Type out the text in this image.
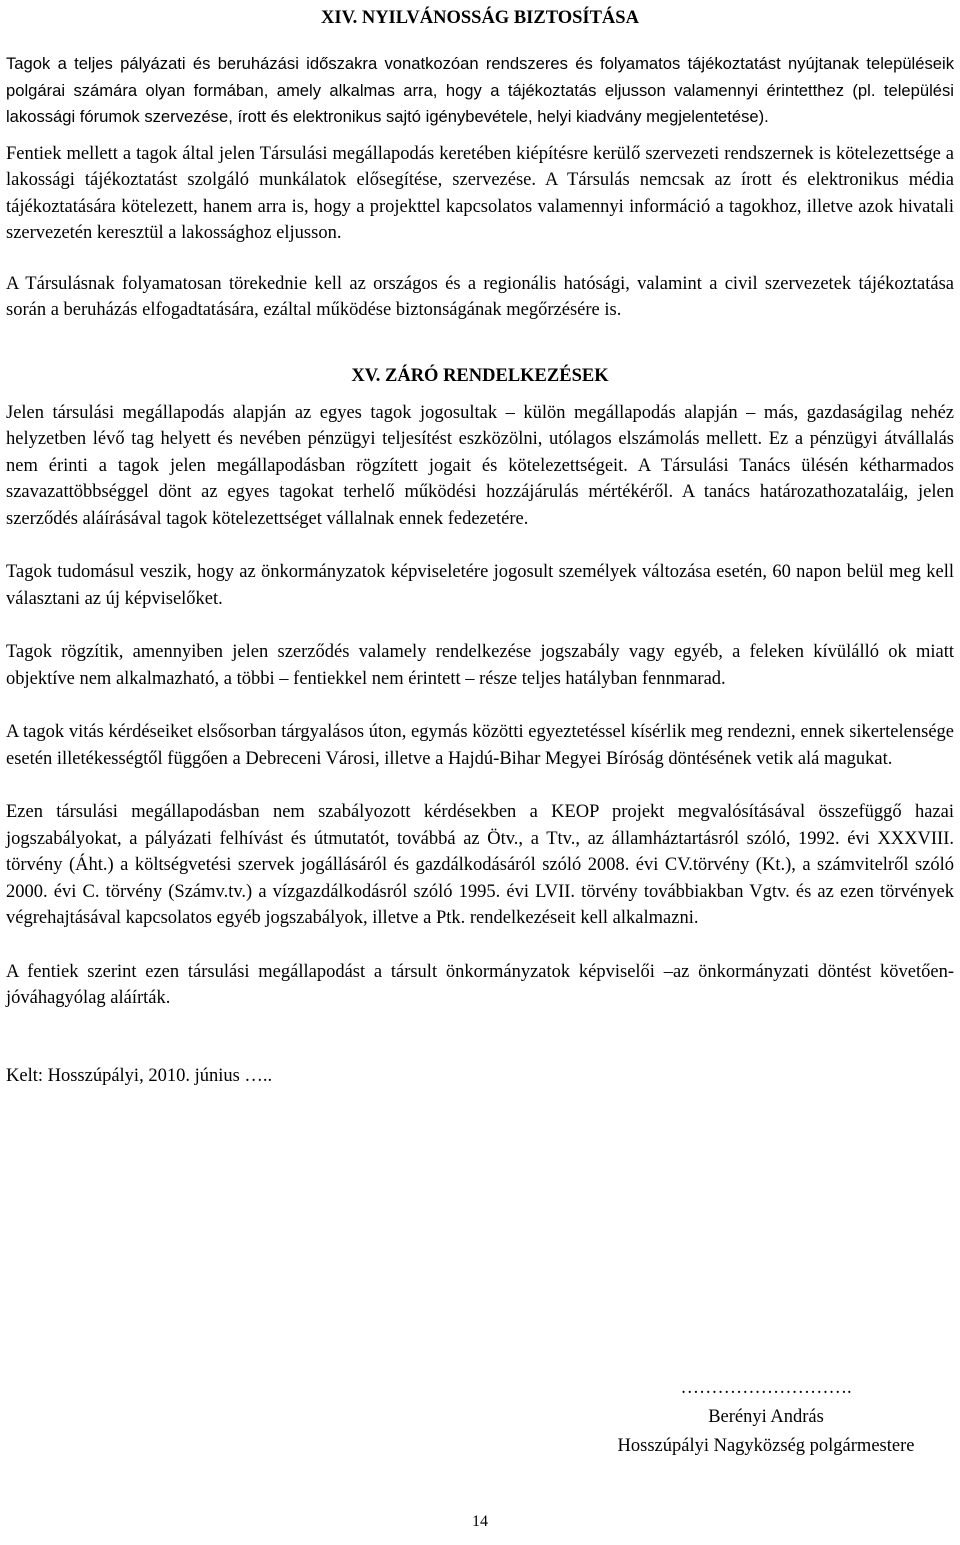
XIV. NYILVÁNOSSÁG BIZTOSÍTÁSA

Tagok a teljes pályázati és beruházási időszakra vonatkozóan rendszeres és folyamatos tájékoztatást nyújtanak településeik polgárai számára olyan formában, amely alkalmas arra, hogy a tájékoztatás eljusson valamennyi érintetthez (pl. települési lakossági fórumok szervezése, írott és elektronikus sajtó igénybevétele, helyi kiadvány megjelentetése).

Fentiek mellett a tagok által jelen Társulási megállapodás keretében kiépítésre kerülő szervezeti rendszernek is kötelezettsége a lakossági tájékoztatást szolgáló munkálatok elősegítése, szervezése. A Társulás nemcsak az írott és elektronikus média tájékoztatására kötelezett, hanem arra is, hogy a projekttel kapcsolatos valamennyi információ a tagokhoz, illetve azok hivatali szervezetén keresztül a lakossághoz eljusson.

A Társulásnak folyamatosan törekednie kell az országos és a regionális hatósági, valamint a civil szervezetek tájékoztatása során a beruházás elfogadtatására, ezáltal működése biztonságának megőrzésére is.

XV. ZÁRÓ RENDELKEZÉSEK

Jelen társulási megállapodás alapján az egyes tagok jogosultak – külön megállapodás alapján – más, gazdaságilag nehéz helyzetben lévő tag helyett és nevében pénzügyi teljesítést eszközölni, utólagos elszámolás mellett. Ez a pénzügyi átvállalás nem érinti a tagok jelen megállapodásban rögzített jogait és kötelezettségeit. A Társulási Tanács ülésén kétharmados szavazattöbbséggel dönt az egyes tagokat terhelő működési hozzájárulás mértékéről. A tanács határozathozataláig, jelen szerződés aláírásával tagok kötelezettséget vállalnak ennek fedezetére.

Tagok tudomásul veszik, hogy az önkormányzatok képviseletére jogosult személyek változása esetén, 60 napon belül meg kell választani az új képviselőket.

Tagok rögzítik, amennyiben jelen szerződés valamely rendelkezése jogszabály vagy egyéb, a feleken kívülálló ok miatt objektíve nem alkalmazható, a többi – fentiekkel nem érintett – része teljes hatályban fennmarad.

A tagok vitás kérdéseiket elsősorban tárgyalásos úton, egymás közötti egyeztetéssel kísérlik meg rendezni, ennek sikertelensége esetén illetékességtől függően a Debreceni Városi, illetve a Hajdú-Bihar Megyei Bíróság döntésének vetik alá magukat.

Ezen társulási megállapodásban nem szabályozott kérdésekben a KEOP projekt megvalósításával összefüggő hazai jogszabályokat, a pályázati felhívást és útmutatót, továbbá az Ötv., a Ttv., az államháztartásról szóló, 1992. évi XXXVIII. törvény (Áht.) a költségvetési szervek jogállásáról és gazdálkodásáról szóló 2008. évi CV.törvény (Kt.), a számvitelről szóló 2000. évi C. törvény (Számv.tv.) a vízgazdálkodásról szóló 1995. évi LVII. törvény továbbiakban Vgtv. és az ezen törvények végrehajtásával kapcsolatos egyéb jogszabályok, illetve a Ptk. rendelkezéseit kell alkalmazni.

A fentiek szerint ezen társulási megállapodást a társult önkormányzatok képviselői –az önkormányzati döntést követően- jóváhagyólag aláírták.

Kelt: Hosszúpályi, 2010. június …..

……………………….
Berényi András
Hosszúpályi Nagyközség polgármestere
14
